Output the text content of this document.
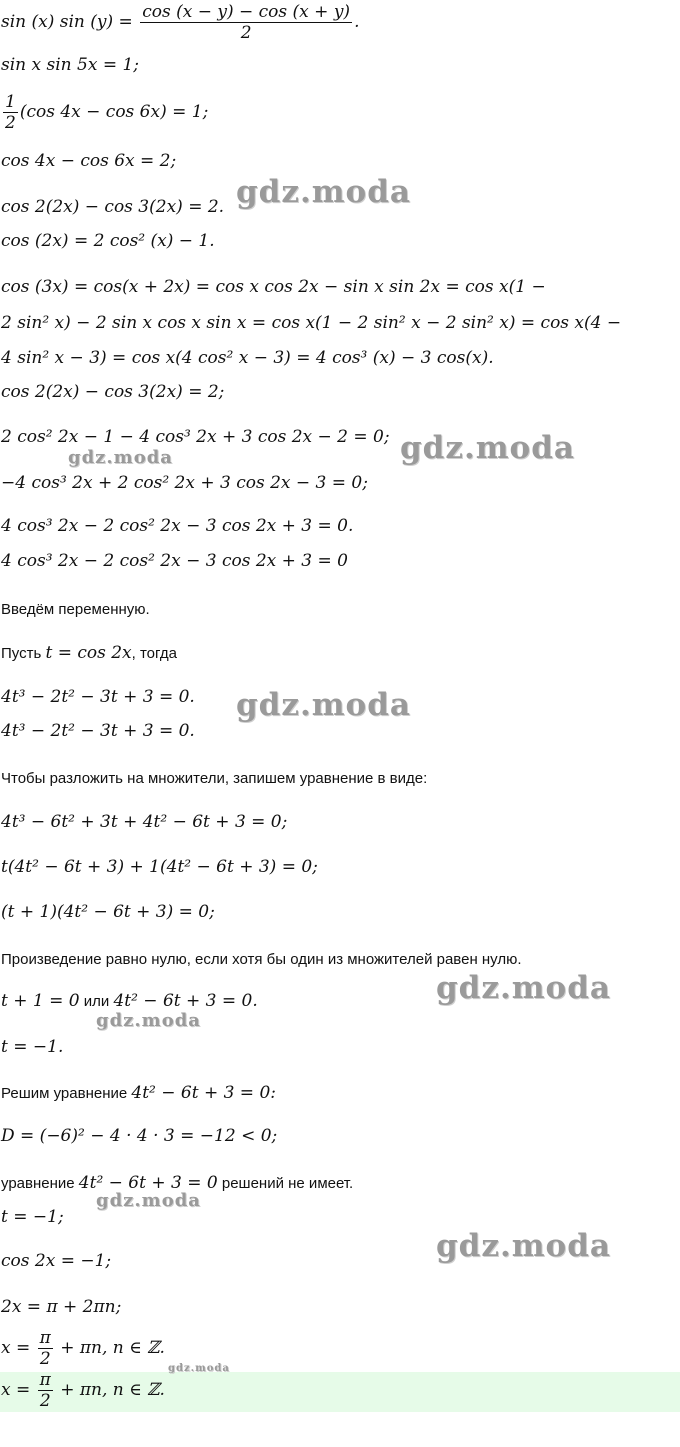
sin (x) $\sin (y) = \frac{\cos (x - y) - \cos (x + y)}{2}$ .
sin x sin 5x = 1;
$\frac{1}{2} (\cos$ 4x − cos 6x) = 1;
cos 4x − cos 6x = 2;
cos 2(2x) − cos 3(2x) = 2.
cos (2x) = 2 cos² (x) − 1.
cos (3x) = cos(x + 2x) = cos x cos 2x − sin x sin 2x = cos x(1 −
2 sin² x) − 2 sin x cos x sin x = cos x(1 − 2 sin² x − 2 sin² x) = cos x(4 −
4 sin² x − 3) = cos x(4 cos² x − 3) = 4 cos³ (x) − 3 cos(x).
cos 2(2x) − cos 3(2x) = 2;
2 cos² 2x − 1 − 4 cos³ 2x + 3 cos 2x − 2 = 0;
−4 cos³ 2x + 2 cos² 2x + 3 cos 2x − 3 = 0;
4 cos³ 2x − 2 cos² 2x − 3 cos 2x + 3 = 0.
4 cos³ 2x − 2 cos² 2x − 3 cos 2x + 3 = 0
Введём переменную.
Пусть t = cos 2x, тогда
4t³ − 2t² − 3t + 3 = 0.
4t³ − 2t² − 3t + 3 = 0.
Чтобы разложить на множители, запишем уравнение в виде:
4t³ − 6t² + 3t + 4t² − 6t + 3 = 0;
t(4t² − 6t + 3) + 1(4t² − 6t + 3) = 0;
(t + 1)(4t² − 6t + 3) = 0;
Произведение равно нулю, если хотя бы один из множителей равен нулю.
t + 1 = 0 или 4t² − 6t + 3 = 0.
t = −1.
Решим уравнение 4t² − 6t + 3 = 0:
D = (−6)² − 4 · 4 · 3 = −12 < 0;
уравнение 4t² − 6t + 3 = 0 решений не имеет.
t = −1;
cos 2x = −1;
2x = π + 2πn;
$x = \frac{\pi}{2} + \pi n$, n ∈ ℤ.
$x = \frac{\pi}{2} + \pi n$, n ∈ ℤ.
gdz.moda
gdz.moda
gdz.moda
gdz.moda
gdz.moda
gdz.moda
gdz.moda
gdz.moda
gdz.moda
